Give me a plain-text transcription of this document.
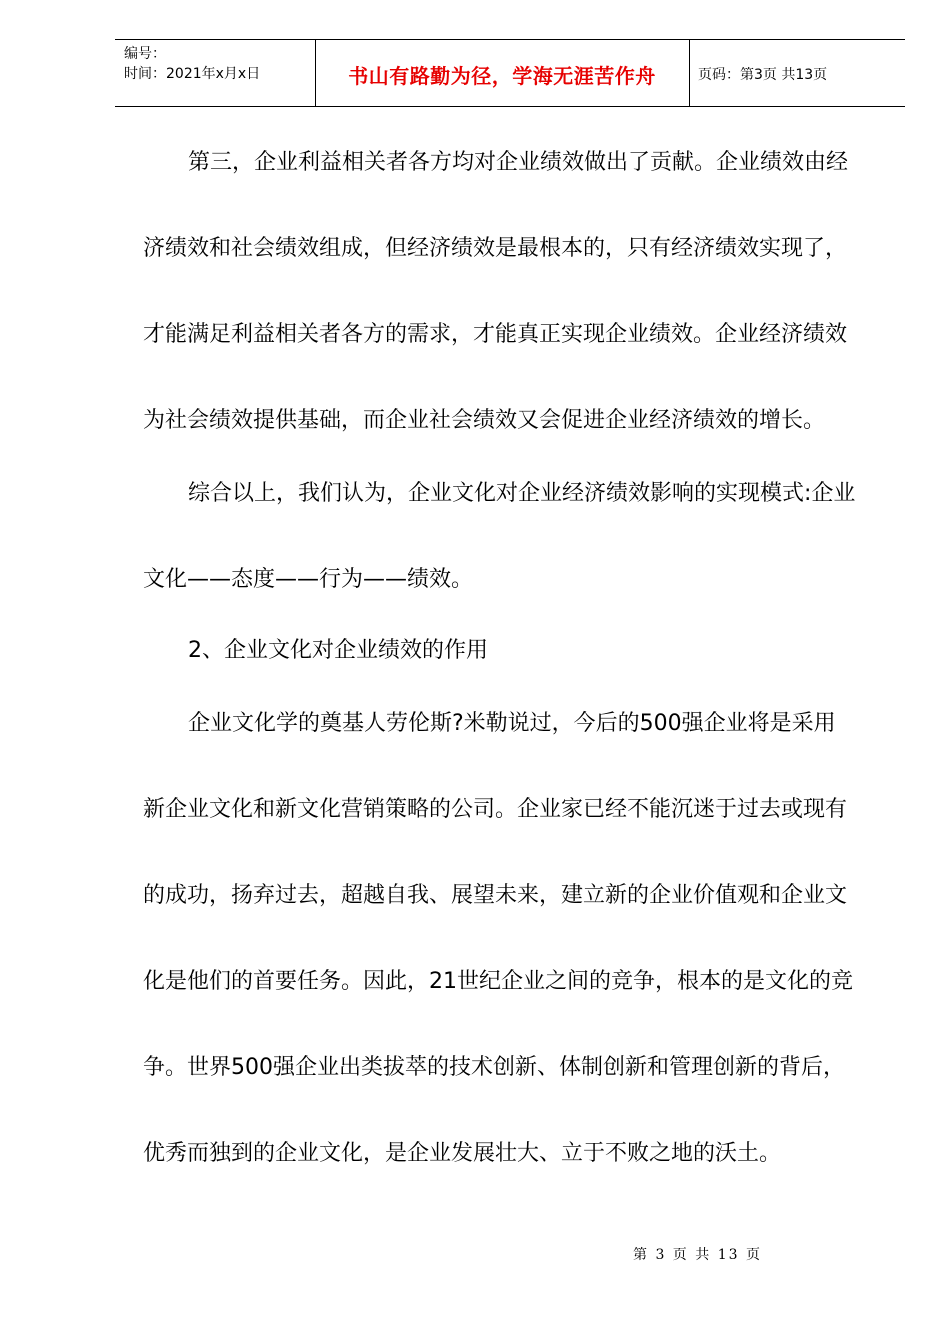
编号：
时间：2021年x月x日	书山有路勤为径，学海无涯苦作舟	页码：第3页 共13页
第三，企业利益相关者各方均对企业绩效做出了贡献。企业绩效由经
济绩效和社会绩效组成，但经济绩效是最根本的，只有经济绩效实现了，
才能满足利益相关者各方的需求，才能真正实现企业绩效。企业经济绩效
为社会绩效提供基础，而企业社会绩效又会促进企业经济绩效的增长。
综合以上，我们认为，企业文化对企业经济绩效影响的实现模式:企业
文化——态度——行为——绩效。
2、企业文化对企业绩效的作用
企业文化学的奠基人劳伦斯?米勒说过，今后的500强企业将是采用
新企业文化和新文化营销策略的公司。企业家已经不能沉迷于过去或现有
的成功，扬弃过去，超越自我、展望未来，建立新的企业价值观和企业文
化是他们的首要任务。因此，21世纪企业之间的竞争，根本的是文化的竞
争。世界500强企业出类拔萃的技术创新、体制创新和管理创新的背后，
优秀而独到的企业文化，是企业发展壮大、立于不败之地的沃土。
第 3 页 共 13 页
